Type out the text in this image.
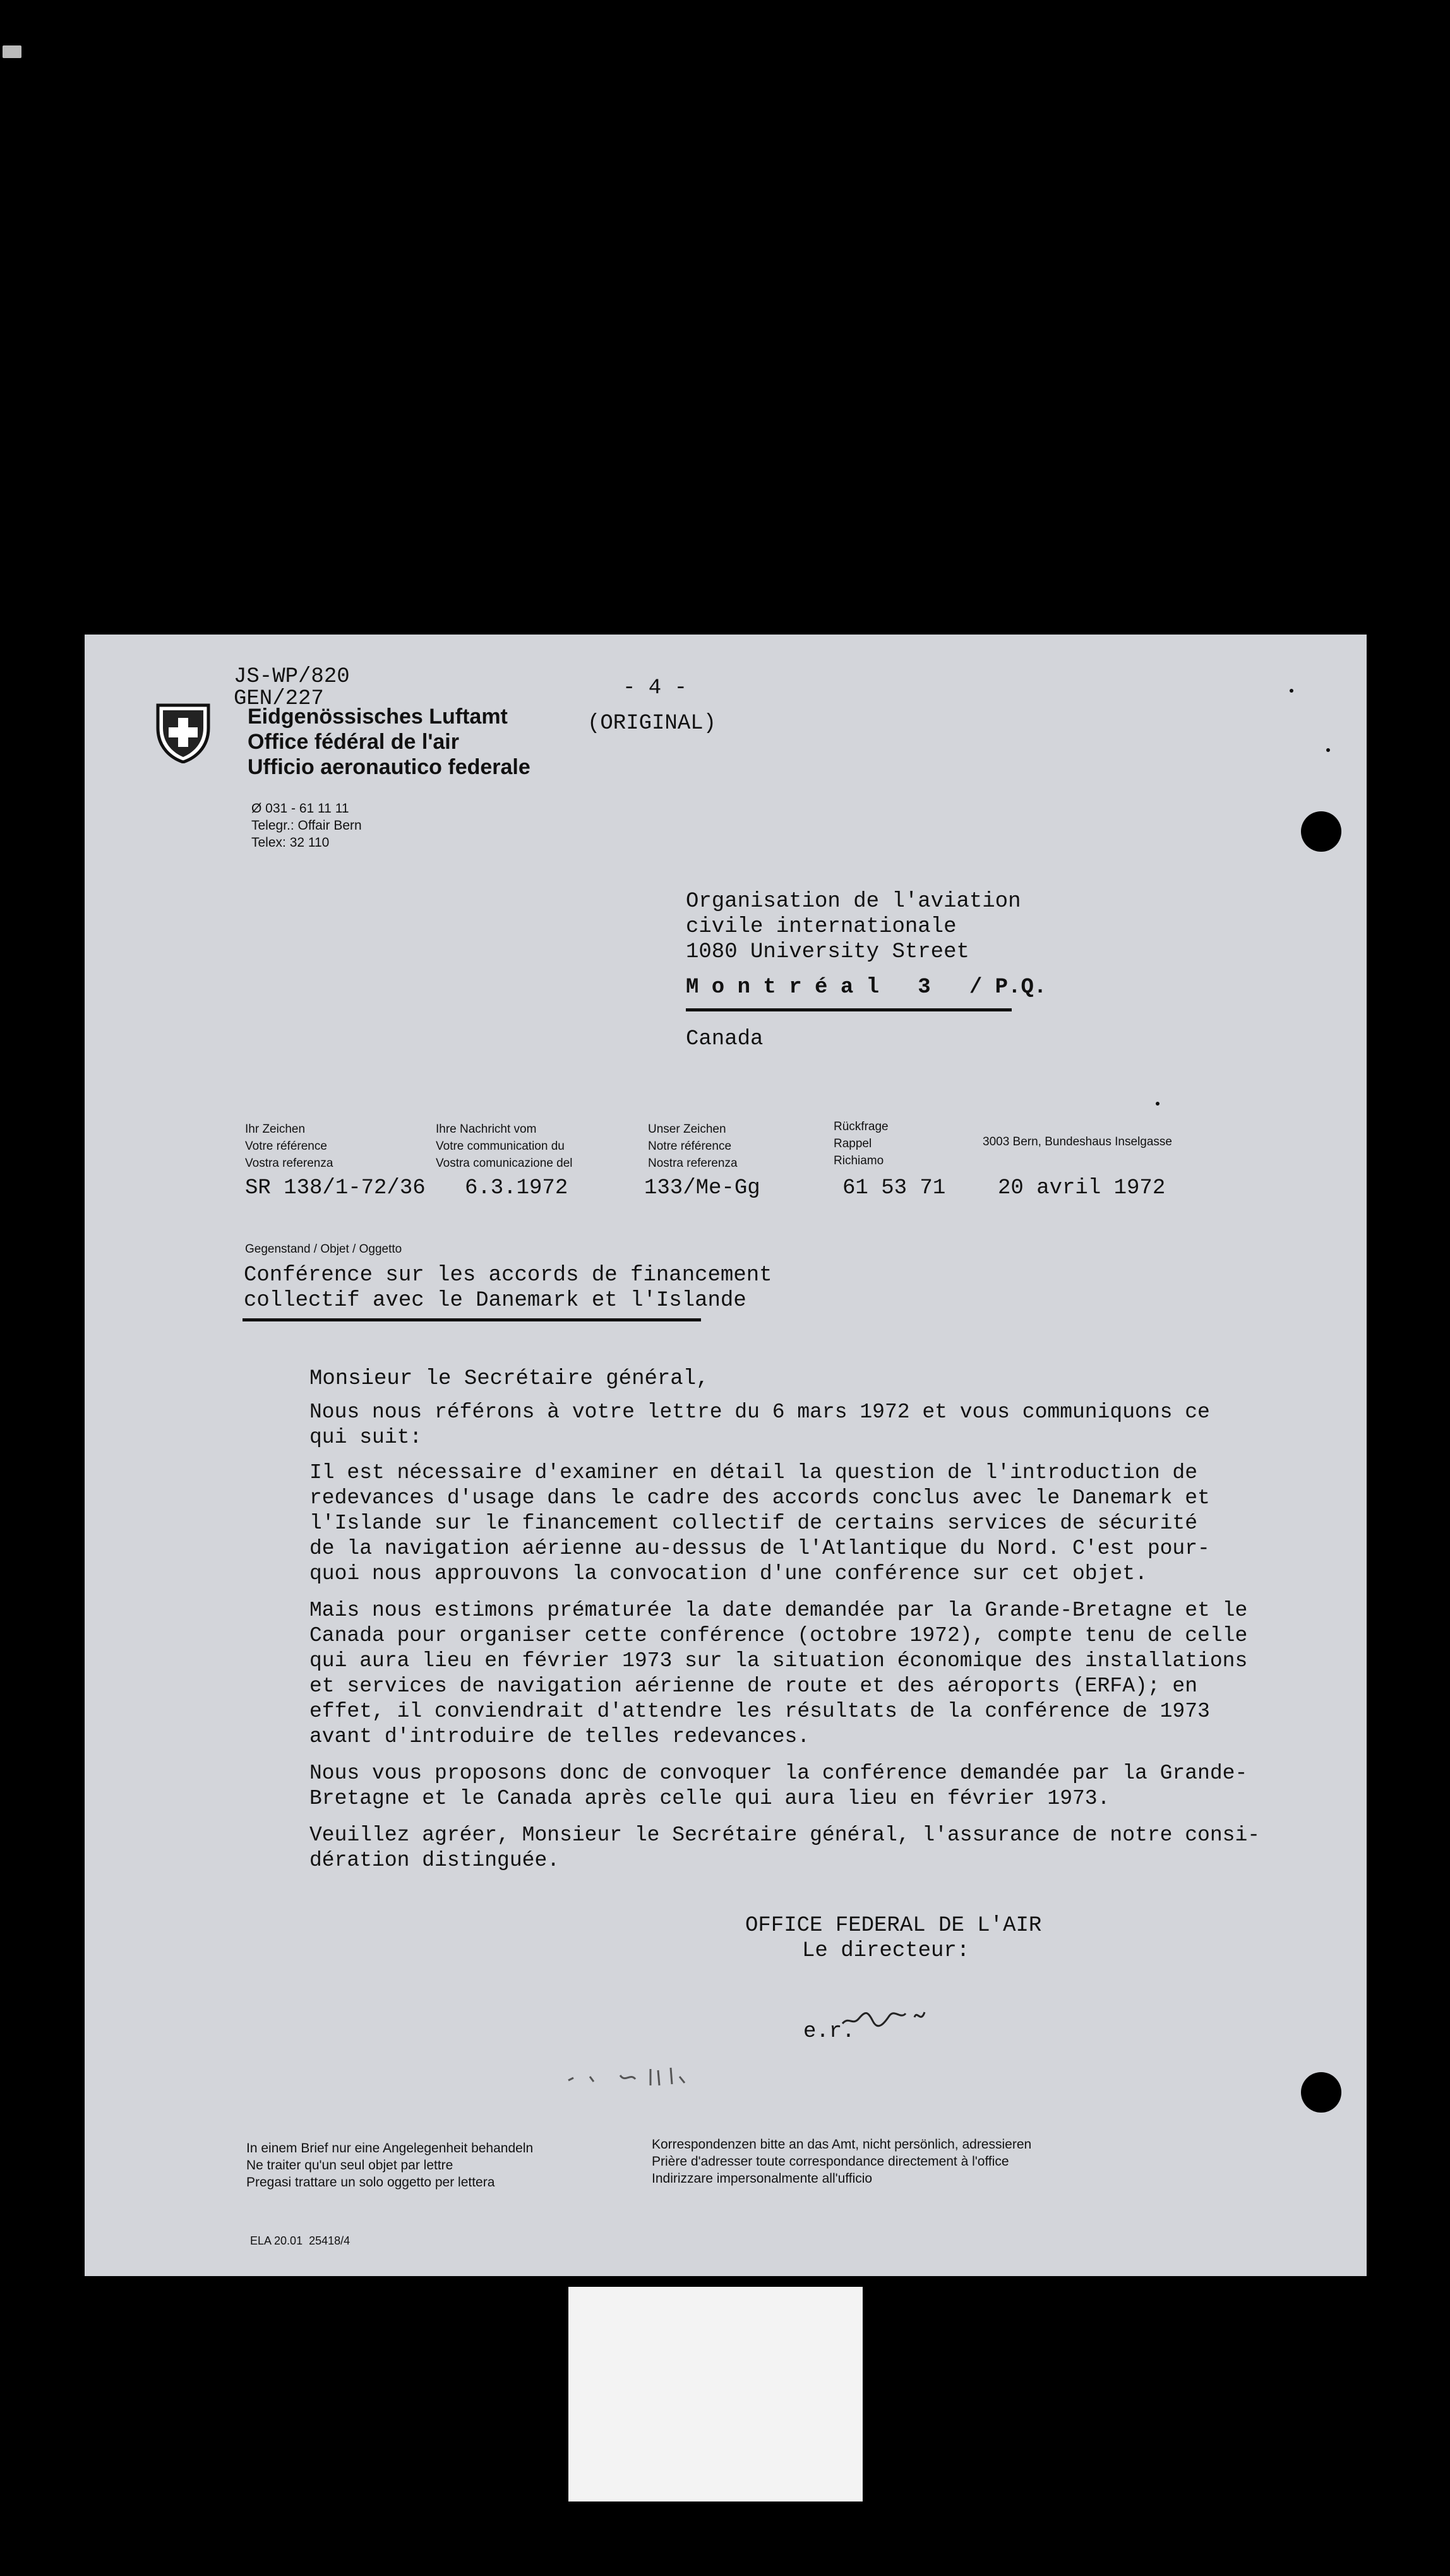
JS-WP/820
GEN/227	- 4 -
(ORIGINAL)
Eidgenössisches Luftamt
Office fédéral de l'air
Ufficio aeronautico federale
Ø 031 - 61 11 11
Telegr.: Offair Bern
Telex: 32 110
Organisation de l'aviation
civile internationale
1080 University Street
M o n t r é a l   3   / P.Q.
Canada
Ihr Zeichen
Votre référence
Vostra referenza
Ihre Nachricht vom
Votre communication du
Vostra comunicazione del
Unser Zeichen
Notre référence
Nostra referenza
Rückfrage
Rappel
Richiamo
3003 Bern, Bundeshaus Inselgasse
SR 138/1-72/36 6.3.1972	133/Me-Gg	61 53 71 20 avril 1972
Gegenstand / Objet / Oggetto
Conférence sur les accords de financement
collectif avec le Danemark et l'Islande
Monsieur le Secrétaire général,
Nous nous référons à votre lettre du 6 mars 1972 et vous communiquons ce
qui suit:
Il est nécessaire d'examiner en détail la question de l'introduction de
redevances d'usage dans le cadre des accords conclus avec le Danemark et
l'Islande sur le financement collectif de certains services de sécurité
de la navigation aérienne au-dessus de l'Atlantique du Nord. C'est pour-
quoi nous approuvons la convocation d'une conférence sur cet objet.
Mais nous estimons prématurée la date demandée par la Grande-Bretagne et le
Canada pour organiser cette conférence (octobre 1972), compte tenu de celle
qui aura lieu en février 1973 sur la situation économique des installations
et services de navigation aérienne de route et des aéroports (ERFA); en
effet, il conviendrait d'attendre les résultats de la conférence de 1973
avant d'introduire de telles redevances.
Nous vous proposons donc de convoquer la conférence demandée par la Grande-
Bretagne et le Canada après celle qui aura lieu en février 1973.
Veuillez agréer, Monsieur le Secrétaire général, l'assurance de notre consi-
dération distinguée.
OFFICE FEDERAL DE L'AIR
Le directeur:
e.r.
In einem Brief nur eine Angelegenheit behandeln
Ne traiter qu'un seul objet par lettre
Pregasi trattare un solo oggetto per lettera
Korrespondenzen bitte an das Amt, nicht persönlich, adressieren
Prière d'adresser toute correspondance directement à l'office
Indirizzare impersonalmente all'ufficio
ELA 20.01  25418/4
